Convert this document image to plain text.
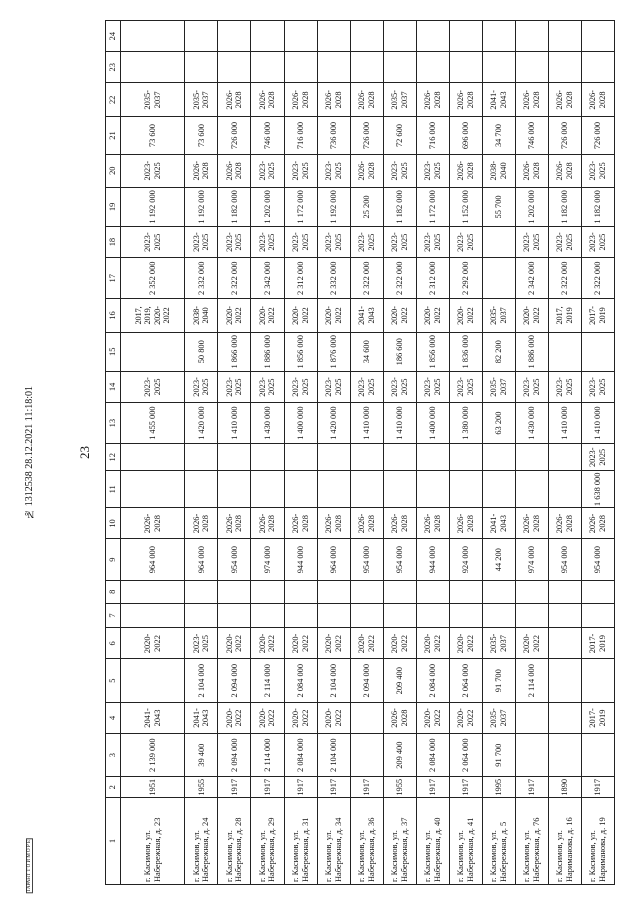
23
№ 1312538 28.12.2021 11:18:01
ГАРАНТ Т О И М О Р Е	1	2	3	4	5	6	7	8	9	10	11	12	13	14	15	16	17	18	19	20	21	22	23	24
г. Касимов, ул. Набережная, д. 23	1951	2 139 000	2041-2043		2020-2022			964 000	2026-2028			1 455 000	2023-2025		2017, 2019, 2020-2022	2 352 000	2023-2025	1 192 000	2023-2025	73 600	2035-2037		
г. Касимов, ул. Набережная, д. 24	1955	39 400	2041-2043	2 104 000	2023-2025			964 000	2026-2028			1 420 000	2023-2025	50 800	2038-2040	2 332 000	2023-2025	1 192 000	2026-2028	73 600	2035-2037		
г. Касимов, ул. Набережная, д. 28	1917	2 094 000	2020-2022	2 094 000	2020-2022			954 000	2026-2028			1 410 000	2023-2025	1 866 000	2020-2022	2 322 000	2023-2025	1 182 000	2026-2028	726 000	2026-2028		
г. Касимов, ул. Набережная, д. 29	1917	2 114 000	2020-2022	2 114 000	2020-2022			974 000	2026-2028			1 430 000	2023-2025	1 886 000	2020-2022	2 342 000	2023-2025	1 202 000	2023-2025	746 000	2026-2028		
г. Касимов, ул. Набережная, д. 31	1917	2 084 000	2020-2022	2 084 000	2020-2022			944 000	2026-2028			1 400 000	2023-2025	1 856 000	2020-2022	2 312 000	2023-2025	1 172 000	2023-2025	716 000	2026-2028		
г. Касимов, ул. Набережная, д. 34	1917	2 104 000	2020-2022	2 104 000	2020-2022			964 000	2026-2028			1 420 000	2023-2025	1 876 000	2020-2022	2 332 000	2023-2025	1 192 000	2023-2025	736 000	2026-2028		
г. Касимов, ул. Набережная, д. 36	1917			2 094 000	2020-2022			954 000	2026-2028			1 410 000	2023-2025	34 600	2041-2043	2 322 000	2023-2025	25 200	2026-2028	726 000	2026-2028		
г. Касимов, ул. Набережная, д. 37	1955	209 400	2026-2028	209 400	2020-2022			954 000	2026-2028			1 410 000	2023-2025	186 600	2020-2022	2 322 000	2023-2025	1 182 000	2023-2025	72 600	2035-2037		
г. Касимов, ул. Набережная, д. 40	1917	2 084 000	2020-2022	2 084 000	2020-2022			944 000	2026-2028			1 400 000	2023-2025	1 856 000	2020-2022	2 312 000	2023-2025	1 172 000	2023-2025	716 000	2026-2028		
г. Касимов, ул. Набережная, д. 41	1917	2 064 000	2020-2022	2 064 000	2020-2022			924 000	2026-2028			1 380 000	2023-2025	1 836 000	2020-2022	2 292 000	2023-2025	1 152 000	2026-2028	696 000	2026-2028		
г. Касимов, ул. Набережная, д. 5	1995	91 700	2035-2037	91 700	2035-2037			44 200	2041-2043			63 200	2035-2037	82 200	2035-2037			55 700	2038-2040	34 700	2041-2043		
г. Касимов, ул. Набережная, д. 76	1917			2 114 000	2020-2022			974 000	2026-2028			1 430 000	2023-2025	1 886 000	2020-2022	2 342 000	2023-2025	1 202 000	2026-2028	746 000	2026-2028		
г. Касимов, ул. Нариманова, д. 16	1890							954 000	2026-2028			1 410 000	2023-2025		2017, 2019	2 322 000	2023-2025	1 182 000	2026-2028	726 000	2026-2028		
г. Касимов, ул. Нариманова, д. 19	1917		2017-2019		2017-2019			954 000	2026-2028	1 638 000	2023-2025	1 410 000	2023-2025		2017-2019	2 322 000	2023-2025	1 182 000	2023-2025	726 000	2026-2028		
